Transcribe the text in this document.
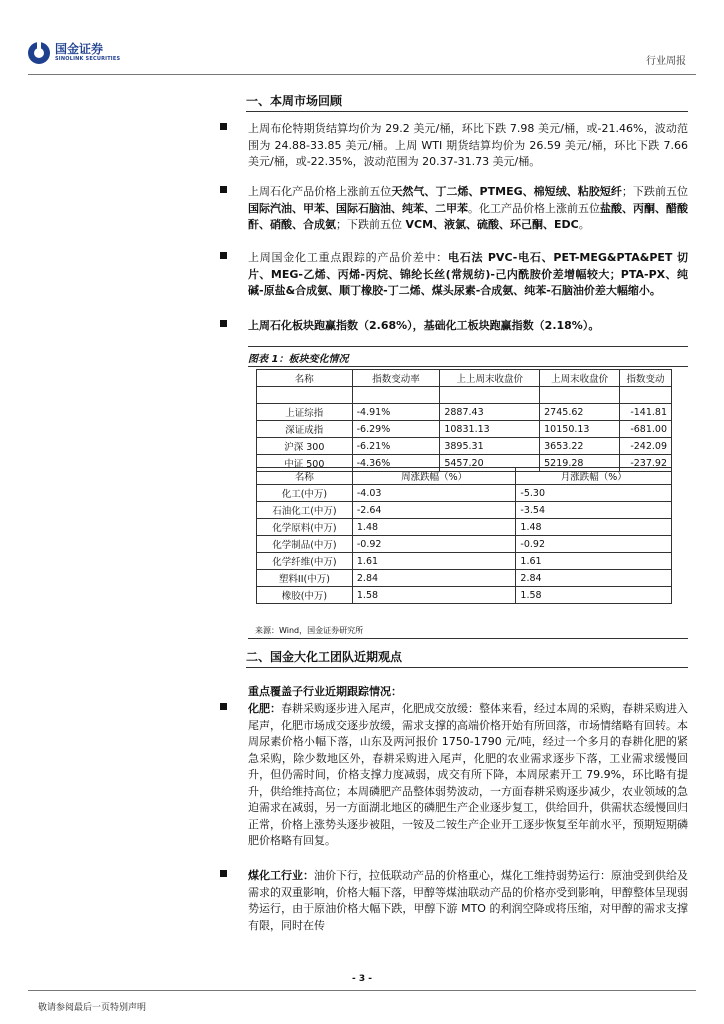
国金证券
SINOLINK SECURITIES	行业周报
一、本周市场回顾
上周布伦特期货结算均价为 29.2 美元/桶，环比下跌 7.98 美元/桶，或-21.46%，波动范围为 24.88-33.85 美元/桶。上周 WTI 期货结算均价为 26.59 美元/桶，环比下跌 7.66 美元/桶，或-22.35%，波动范围为 20.37-31.73 美元/桶。
上周石化产品价格上涨前五位天然气、丁二烯、PTMEG、棉短绒、粘胶短纤；下跌前五位国际汽油、甲苯、国际石脑油、纯苯、二甲苯。化工产品价格上涨前五位盐酸、丙酮、醋酸酐、硝酸、合成氨；下跌前五位 VCM、液氯、硫酸、环己酮、EDC。
上周国金化工重点跟踪的产品价差中：电石法 PVC-电石、PET-MEG&PTA&PET 切片、MEG-乙烯、丙烯-丙烷、锦纶长丝(常规纺)-己内酰胺价差增幅较大；PTA-PX、纯碱-原盐&合成氨、顺丁橡胶-丁二烯、煤头尿素-合成氨、纯苯-石脑油价差大幅缩小。
上周石化板块跑赢指数（2.68%），基础化工板块跑赢指数（2.18%）。
图表 1：板块变化情况
名称	指数变动率	上上周末收盘价	上周末收盘价	指数变动

上证综指	-4.91%	2887.43	2745.62	-141.81
深证成指	-6.29%	10831.13	10150.13	-681.00
沪深 300	-6.21%	3895.31	3653.22	-242.09
中证 500	-4.36%	5457.20	5219.28	-237.92
名称	周涨跌幅（%）	月涨跌幅（%）
化工(中万)	-4.03	-5.30
石油化工(中万)	-2.64	-3.54
化学原料(中万)	1.48	1.48
化学制品(中万)	-0.92	-0.92
化学纤维(中万)	1.61	1.61
塑料II(中万)	2.84	2.84
橡胶(中万)	1.58	1.58
来源：Wind，国金证券研究所
二、国金大化工团队近期观点
重点覆盖子行业近期跟踪情况：
化肥：春耕采购逐步进入尾声，化肥成交放缓：整体来看，经过本周的采购，春耕采购进入尾声，化肥市场成交逐步放缓，需求支撑的高端价格开始有所回落，市场情绪略有回转。本周尿素价格小幅下落，山东及两河报价 1750-1790 元/吨，经过一个多月的春耕化肥的紧急采购，除少数地区外，春耕采购进入尾声，化肥的农业需求逐步下落，工业需求缓慢回升，但仍需时间，价格支撑力度减弱，成交有所下降，本周尿素开工 79.9%，环比略有提升，供给维持高位；本周磷肥产品整体弱势波动，一方面春耕采购逐步减少，农业领域的急迫需求在减弱，另一方面湖北地区的磷肥生产企业逐步复工，供给回升，供需状态缓慢回归正常，价格上涨势头逐步被阻，一铵及二铵生产企业开工逐步恢复至年前水平，预期短期磷肥价格略有回复。
煤化工行业：油价下行，拉低联动产品的价格重心，煤化工维持弱势运行：原油受到供给及需求的双重影响，价格大幅下落，甲醇等煤油联动产品的价格亦受到影响，甲醇整体呈现弱势运行，由于原油价格大幅下跌，甲醇下游 MTO 的利润空降或将压缩，对甲醇的需求支撑有限，同时在传
- 3 -
敬请参阅最后一页特别声明
